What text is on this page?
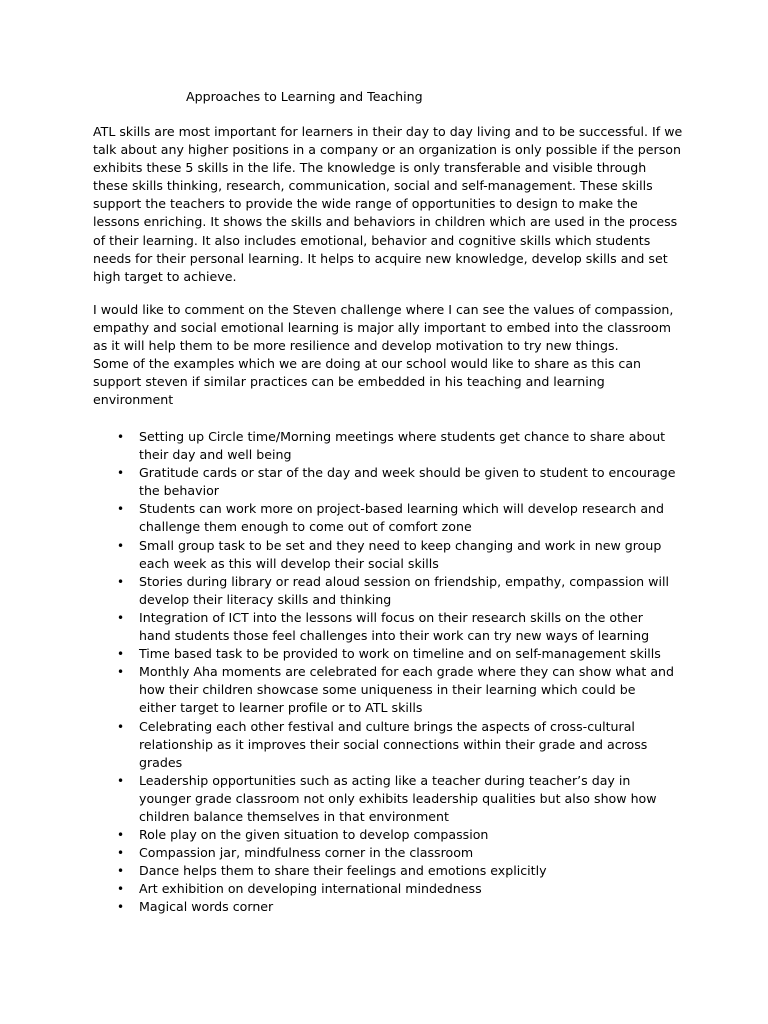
Approaches to Learning and Teaching
ATL skills are most important for learners in their day to day living and to be successful. If we
talk about any higher positions in a company or an organization is only possible if the person
exhibits these 5 skills in the life. The knowledge is only transferable and visible through
these skills thinking, research, communication, social and self-management. These skills
support the teachers to provide the wide range of opportunities to design to make the
lessons enriching. It shows the skills and behaviors in children which are used in the process
of their learning. It also includes emotional, behavior and cognitive skills which students
needs for their personal learning. It helps to acquire new knowledge, develop skills and set
high target to achieve.
I would like to comment on the Steven challenge where I can see the values of compassion,
empathy and social emotional learning is major ally important to embed into the classroom
as it will help them to be more resilience and develop motivation to try new things.
Some of the examples which we are doing at our school would like to share as this can
support steven if similar practices can be embedded in his teaching and learning
environment
• Setting up Circle time/Morning meetings where students get chance to share about
their day and well being
• Gratitude cards or star of the day and week should be given to student to encourage
the behavior
• Students can work more on project-based learning which will develop research and
challenge them enough to come out of comfort zone
• Small group task to be set and they need to keep changing and work in new group
each week as this will develop their social skills
• Stories during library or read aloud session on friendship, empathy, compassion will
develop their literacy skills and thinking
• Integration of ICT into the lessons will focus on their research skills on the other
hand students those feel challenges into their work can try new ways of learning
• Time based task to be provided to work on timeline and on self-management skills
• Monthly Aha moments are celebrated for each grade where they can show what and
how their children showcase some uniqueness in their learning which could be
either target to learner profile or to ATL skills
• Celebrating each other festival and culture brings the aspects of cross-cultural
relationship as it improves their social connections within their grade and across
grades
• Leadership opportunities such as acting like a teacher during teacher’s day in
younger grade classroom not only exhibits leadership qualities but also show how
children balance themselves in that environment
• Role play on the given situation to develop compassion
• Compassion jar, mindfulness corner in the classroom
• Dance helps them to share their feelings and emotions explicitly
• Art exhibition on developing international mindedness
• Magical words corner
